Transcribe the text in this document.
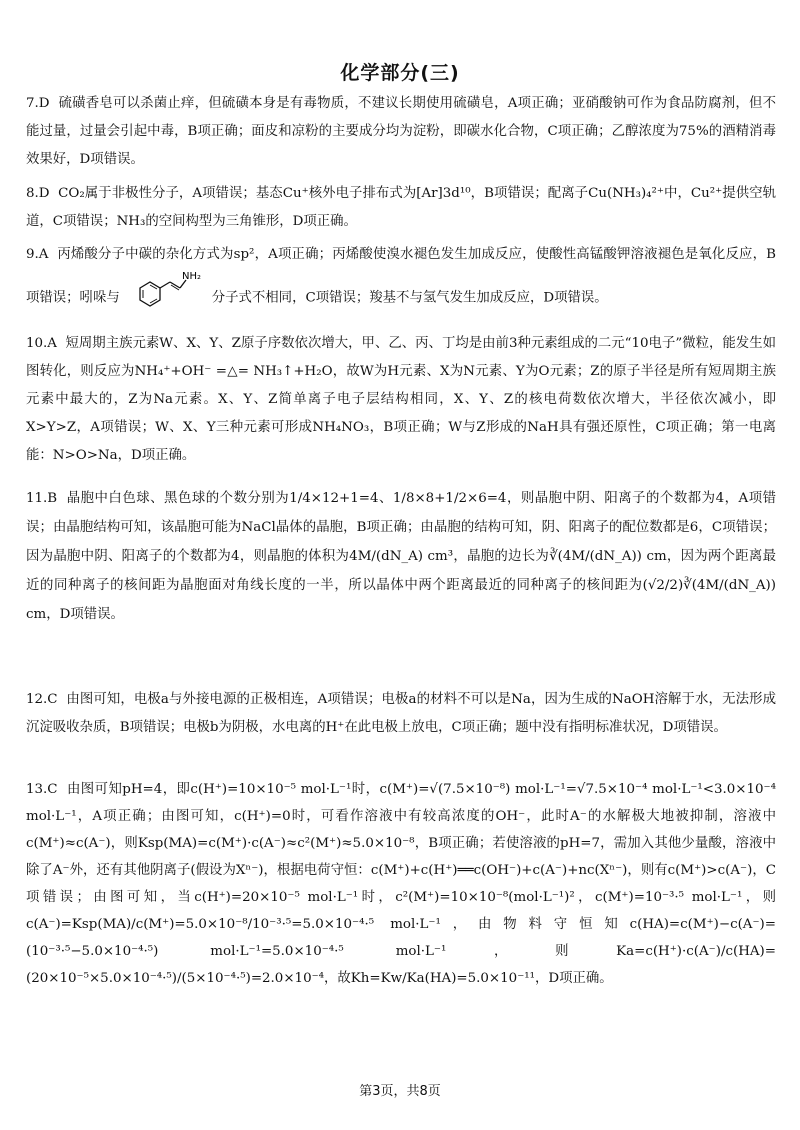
化学部分(三)
7.D 硫磺香皂可以杀菌止痒，但硫磺本身是有毒物质，不建议长期使用硫磺皂，A项正确；亚硝酸钠可作为食品防腐剂，但不能过量，过量会引起中毒，B项正确；面皮和凉粉的主要成分均为淀粉，即碳水化合物，C项正确；乙醇浓度为75%的酒精消毒效果好，D项错误。
8.D CO₂属于非极性分子，A项错误；基态Cu⁺核外电子排布式为[Ar]3d¹⁰，B项错误；配离子Cu(NH₃)₄²⁺中，Cu²⁺提供空轨道，C项错误；NH₃的空间构型为三角锥形，D项正确。
9.A 丙烯酸分子中碳的杂化方式为sp²，A项正确；丙烯酸使溴水褪色发生加成反应，使酸性高锰酸钾溶液褪色是氧化反应，B项错误；吲哚与
NH₂
分子式不相同，C项错误；羧基不与氢气发生加成反应，D项错误。
10.A 短周期主族元素W、X、Y、Z原子序数依次增大，甲、乙、丙、丁均是由前3种元素组成的二元“10电子”微粒，能发生如图转化，则反应为NH₄⁺+OH⁻ =△= NH₃↑+H₂O，故W为H元素、X为N元素、Y为O元素；Z的原子半径是所有短周期主族元素中最大的，Z为Na元素。X、Y、Z简单离子电子层结构相同，X、Y、Z的核电荷数依次增大，半径依次减小，即X>Y>Z，A项错误；W、X、Y三种元素可形成NH₄NO₃，B项正确；W与Z形成的NaH具有强还原性，C项正确；第一电离能：N>O>Na，D项正确。
11.B 晶胞中白色球、黑色球的个数分别为1/4×12+1=4、1/8×8+1/2×6=4，则晶胞中阴、阳离子的个数都为4，A项错误；由晶胞结构可知，该晶胞可能为NaCl晶体的晶胞，B项正确；由晶胞的结构可知，阴、阳离子的配位数都是6，C项错误；因为晶胞中阴、阳离子的个数都为4，则晶胞的体积为4M/(dN_A) cm³，晶胞的边长为∛(4M/(dN_A)) cm，因为两个距离最近的同种离子的核间距为晶胞面对角线长度的一半，所以晶体中两个距离最近的同种离子的核间距为(√2/2)∛(4M/(dN_A)) cm，D项错误。
12.C 由图可知，电极a与外接电源的正极相连，A项错误；电极a的材料不可以是Na，因为生成的NaOH溶解于水，无法形成沉淀吸收杂质，B项错误；电极b为阴极，水电离的H⁺在此电极上放电，C项正确；题中没有指明标准状况，D项错误。
13.C 由图可知pH=4，即c(H⁺)=10×10⁻⁵ mol·L⁻¹时，c(M⁺)=√(7.5×10⁻⁸) mol·L⁻¹=√7.5×10⁻⁴ mol·L⁻¹<3.0×10⁻⁴ mol·L⁻¹，A项正确；由图可知，c(H⁺)=0时，可看作溶液中有较高浓度的OH⁻，此时A⁻的水解极大地被抑制，溶液中c(M⁺)≈c(A⁻)，则Ksp(MA)=c(M⁺)·c(A⁻)≈c²(M⁺)≈5.0×10⁻⁸，B项正确；若使溶液的pH=7，需加入其他少量酸，溶液中除了A⁻外，还有其他阴离子(假设为Xⁿ⁻)，根据电荷守恒：c(M⁺)+c(H⁺)══c(OH⁻)+c(A⁻)+nc(Xⁿ⁻)，则有c(M⁺)>c(A⁻)，C项错误；由图可知，当c(H⁺)=20×10⁻⁵ mol·L⁻¹时，c²(M⁺)=10×10⁻⁸(mol·L⁻¹)²，c(M⁺)=10⁻³·⁵ mol·L⁻¹，则c(A⁻)=Ksp(MA)/c(M⁺)=5.0×10⁻⁸/10⁻³·⁵=5.0×10⁻⁴·⁵ mol·L⁻¹，由物料守恒知c(HA)=c(M⁺)−c(A⁻)=(10⁻³·⁵−5.0×10⁻⁴·⁵) mol·L⁻¹=5.0×10⁻⁴·⁵ mol·L⁻¹，则Ka=c(H⁺)·c(A⁻)/c(HA)=(20×10⁻⁵×5.0×10⁻⁴·⁵)/(5×10⁻⁴·⁵)=2.0×10⁻⁴，故Kh=Kw/Ka(HA)=5.0×10⁻¹¹，D项正确。
第3页，共8页
